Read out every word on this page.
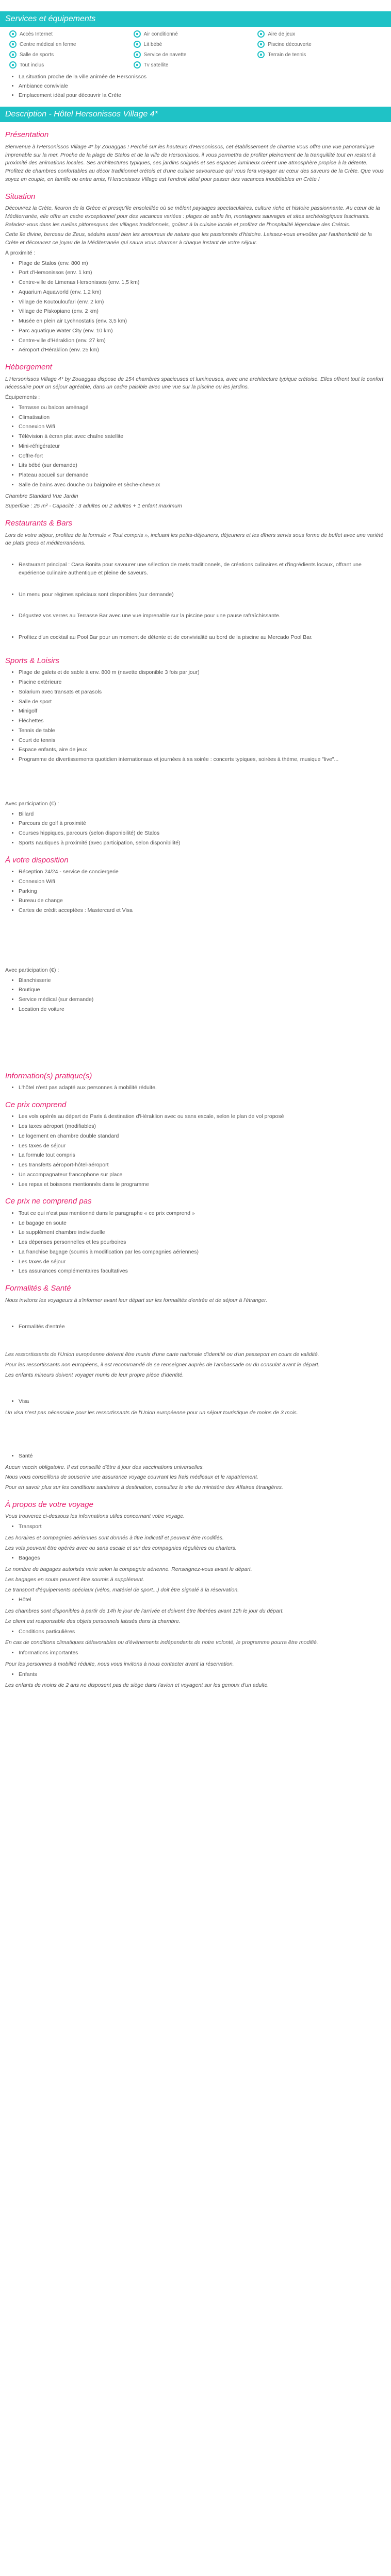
Services et équipements
Accès Internet	Air conditionné	Aire de jeux
Centre médical en ferme	Lit bébé	Piscine découverte
Salle de sports	Service de navette	Terrain de tennis
Tout inclus	Tv satellite
• La situation proche de la ville animée de Hersonissos
• Ambiance conviviale
• Emplacement idéal pour découvrir la Crète
Description - Hôtel Hersonissos Village 4*
Présentation

Bienvenue à l'Hersonissos Village 4* by Zouaggas ! Perché sur les hauteurs d'Hersonissos, cet établissement de charme vous offre une vue panoramique imprenable sur la mer. Proche de la plage de Stalos et de la ville de Hersonissos, il vous permettra de profiter pleinement de la tranquillité tout en restant à proximité des animations locales. Ses architectures typiques, ses jardins soignés et ses espaces lumineux créent une atmosphère propice à la détente. Profitez de chambres confortables au décor traditionnel crétois et d'une cuisine savoureuse qui vous fera voyager au cœur des saveurs de la Crète. Que vous soyez en couple, en famille ou entre amis, l'Hersonissos Village est l'endroit idéal pour passer des vacances inoubliables en Crète !

Situation

Découvrez la Crète, fleuron de la Grèce et presqu'île ensoleillée où se mêlent paysages spectaculaires, culture riche et histoire passionnante. Au cœur de la Méditerranée, elle offre un cadre exceptionnel pour des vacances variées : plages de sable fin, montagnes sauvages et sites archéologiques fascinants. Baladez-vous dans les ruelles pittoresques des villages traditionnels, goûtez à la cuisine locale et profitez de l'hospitalité légendaire des Crétois.

Cette île divine, berceau de Zeus, séduira aussi bien les amoureux de nature que les passionnés d'histoire. Laissez-vous envoûter par l'authenticité de la Crète et découvrez ce joyau de la Méditerranée qui saura vous charmer à chaque instant de votre séjour.

À proximité :

• Plage de Stalos (env. 800 m)
• Port d'Hersonissos (env. 1 km)
• Centre-ville de Limenas Hersonissos (env. 1,5 km)
• Aquarium Aquaworld (env. 1,2 km)
• Village de Koutouloufari (env. 2 km)
• Village de Piskopiano (env. 2 km)
• Musée en plein air Lychnostatis (env. 3,5 km)
• Parc aquatique Water City (env. 10 km)
• Centre-ville d'Héraklion (env. 27 km)
• Aéroport d'Héraklion (env. 25 km)
Hébergement

L'Hersonissos Village 4* by Zouaggas dispose de 154 chambres spacieuses et lumineuses, avec une architecture typique crétoise. Elles offrent tout le confort nécessaire pour un séjour agréable, dans un cadre paisible avec une vue sur la piscine ou les jardins.

Équipements :

• Terrasse ou balcon aménagé
• Climatisation
• Connexion Wifi
• Télévision à écran plat avec chaîne satellite
• Mini-réfrigérateur
• Coffre-fort
• Lits bébé (sur demande)
• Plateau accueil sur demande
• Salle de bains avec douche ou baignoire et sèche-cheveux

Chambre Standard Vue Jardin

Superficie : 25 m² - Capacité : 3 adultes ou 2 adultes + 1 enfant maximum

Restaurants & Bars

Lors de votre séjour, profitez de la formule « Tout compris », incluant les petits-déjeuners, déjeuners et les dîners servis sous forme de buffet avec une variété de plats grecs et méditerranéens.

• Restaurant principal : Casa Bonita pour savourer une sélection de mets traditionnels, de créations culinaires et d'ingrédients locaux, offrant une expérience culinaire authentique et pleine de saveurs.
• Un menu pour régimes spéciaux sont disponibles (sur demande)
• Dégustez vos verres au Terrasse Bar avec une vue imprenable sur la piscine pour une pause rafraîchissante.
• Profitez d'un cocktail au Pool Bar pour un moment de détente et de convivialité au bord de la piscine au Mercado Pool Bar.
Sports & Loisirs
• Plage de galets et de sable à env. 800 m (navette disponible 3 fois par jour)
• Piscine extérieure
• Solarium avec transats et parasols
• Salle de sport
• Minigolf
• Fléchettes
• Tennis de table
• Court de tennis
• Espace enfants, aire de jeux
• Programme de divertissements quotidien internationaux et journées à sa soirée : concerts typiques, soirées à thème, musique "live"...

Avec participation (€) :

• Billard
• Parcours de golf à proximité
• Courses hippiques, parcours (selon disponibilité) de Stalos
• Sports nautiques à proximité (avec participation, selon disponibilité)
À votre disposition
• Réception 24/24 - service de conciergerie
• Connexion Wifi
• Parking
• Bureau de change
• Cartes de crédit acceptées : Mastercard et Visa

Avec participation (€) :

• Blanchisserie
• Boutique
• Service médical (sur demande)
• Location de voiture
Information(s) pratique(s)
• L'hôtel n'est pas adapté aux personnes à mobilité réduite.
Ce prix comprend
• Les vols opérés au départ de Paris à destination d'Héraklion avec ou sans escale, selon le plan de vol proposé
• Les taxes aéroport (modifiables)
• Le logement en chambre double standard
• Les taxes de séjour
• La formule tout compris
• Les transferts aéroport-hôtel-aéroport
• Un accompagnateur francophone sur place
• Les repas et boissons mentionnés dans le programme
Ce prix ne comprend pas
• Tout ce qui n'est pas mentionné dans le paragraphe « ce prix comprend »
• Le bagage en soute
• Le supplément chambre individuelle
• Les dépenses personnelles et les pourboires
• La franchise bagage (soumis à modification par les compagnies aériennes)
• Les taxes de séjour
• Les assurances complémentaires facultatives
Formalités & Santé

Nous invitons les voyageurs à s'informer avant leur départ sur les formalités d'entrée et de séjour à l'étranger.

• Formalités d'entrée

Les ressortissants de l'Union européenne doivent être munis d'une carte nationale d'identité ou d'un passeport en cours de validité.

Pour les ressortissants non européens, il est recommandé de se renseigner auprès de l'ambassade ou du consulat avant le départ.

Les enfants mineurs doivent voyager munis de leur propre pièce d'identité.

• Visa

Un visa n'est pas nécessaire pour les ressortissants de l'Union européenne pour un séjour touristique de moins de 3 mois.

• Santé

Aucun vaccin obligatoire. Il est conseillé d'être à jour des vaccinations universelles.

Nous vous conseillons de souscrire une assurance voyage couvrant les frais médicaux et le rapatriement.

Pour en savoir plus sur les conditions sanitaires à destination, consultez le site du ministère des Affaires étrangères.

À propos de votre voyage

Vous trouverez ci-dessous les informations utiles concernant votre voyage.

• Transport

Les horaires et compagnies aériennes sont donnés à titre indicatif et peuvent être modifiés.

Les vols peuvent être opérés avec ou sans escale et sur des compagnies régulières ou charters.

• Bagages

Le nombre de bagages autorisés varie selon la compagnie aérienne. Renseignez-vous avant le départ.

Les bagages en soute peuvent être soumis à supplément.

Le transport d'équipements spéciaux (vélos, matériel de sport...) doit être signalé à la réservation.

• Hôtel

Les chambres sont disponibles à partir de 14h le jour de l'arrivée et doivent être libérées avant 12h le jour du départ.

Le client est responsable des objets personnels laissés dans la chambre.

• Conditions particulières

En cas de conditions climatiques défavorables ou d'événements indépendants de notre volonté, le programme pourra être modifié.

• Informations importantes

Pour les personnes à mobilité réduite, nous vous invitons à nous contacter avant la réservation.

• Enfants

Les enfants de moins de 2 ans ne disposent pas de siège dans l'avion et voyagent sur les genoux d'un adulte.
